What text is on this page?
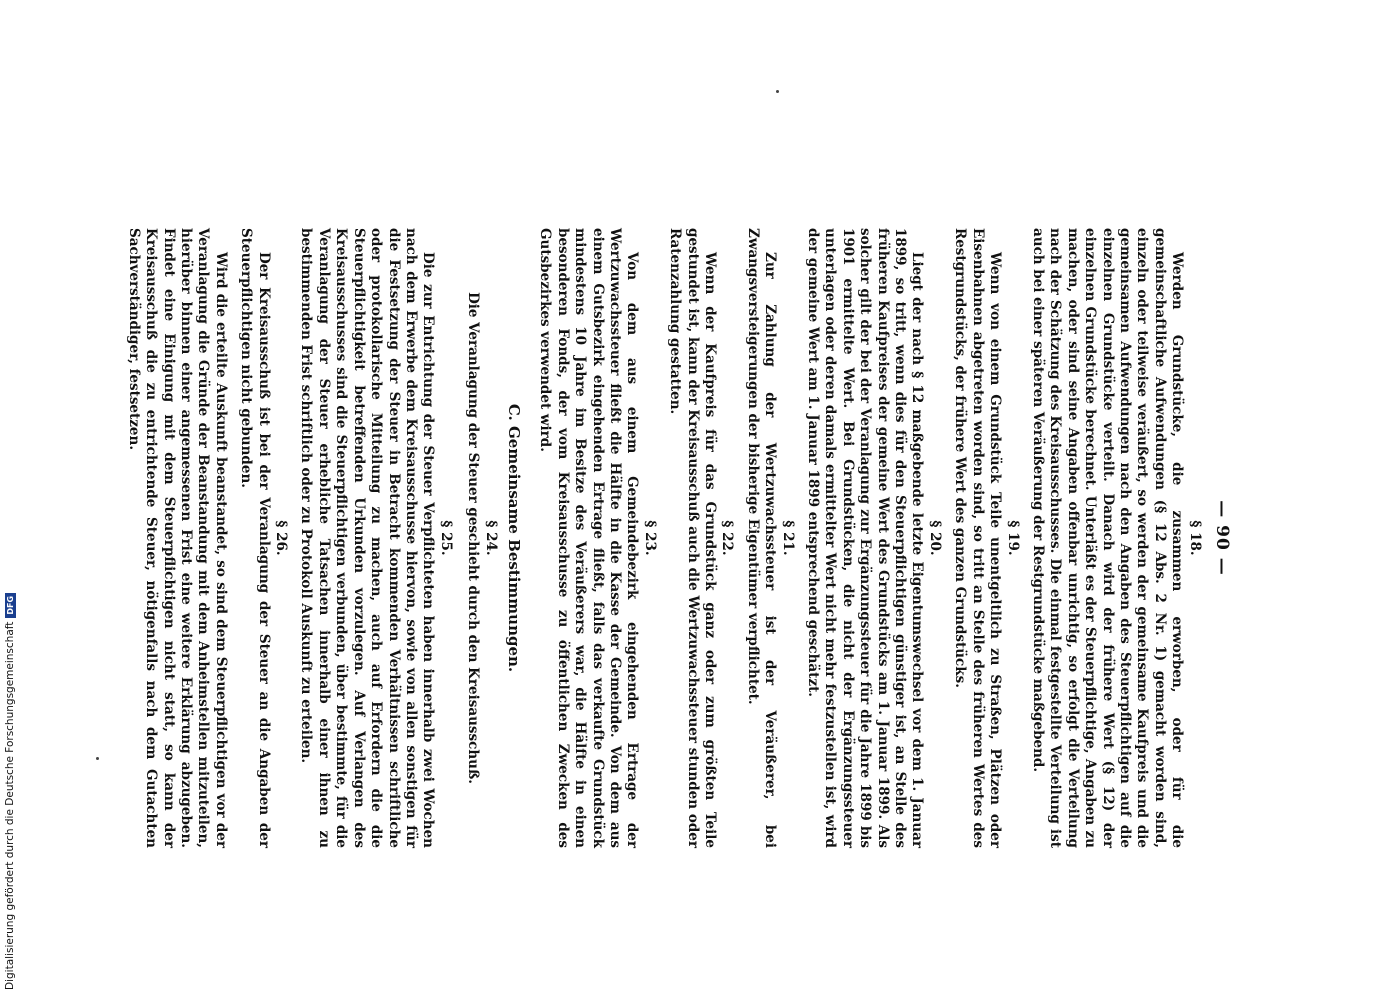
— 90 —
§ 18.

Werden Grundstücke, die zusammen erworben, oder für die gemeinschaftliche Aufwendungen (§ 12 Abs. 2 Nr. 1) gemacht worden sind, einzeln oder teilweise veräußert, so werden der gemeinsame Kaufpreis und die gemeinsamen Aufwendungen nach den Angaben des Steuerpflichtigen auf die einzelnen Grundstücke verteilt. Danach wird der frühere Wert (§ 12) der einzelnen Grundstücke berechnet. Unterläßt es der Steuerpflichtige, Angaben zu machen, oder sind seine Angaben offenbar unrichtig, so erfolgt die Verteilung nach der Schätzung des Kreisausschusses. Die einmal festgestellte Verteilung ist auch bei einer späteren Veräußerung der Restgrundstücke maßgebend.

§ 19.

Wenn von einem Grundstück Teile unentgeltlich zu Straßen, Plätzen oder Eisenbahnen abgetreten worden sind, so tritt an Stelle des früheren Wertes des Restgrundstücks, der frühere Wert des ganzen Grundstücks.

§ 20.

Liegt der nach § 12 maßgebende letzte Eigentumswechsel vor dem 1. Januar 1899, so tritt, wenn dies für den Steuerpflichtigen günstiger ist, an Stelle des früheren Kaufpreises der gemeine Wert des Grundstücks am 1. Januar 1899. Als solcher gilt der bei der Veranlagung zur Ergänzungssteuer für die Jahre 1899 bis 1901 ermittelte Wert. Bei Grundstücken, die nicht der Ergänzungssteuer unterlagen oder deren damals ermittelter Wert nicht mehr festzustellen ist, wird der gemeine Wert am 1. Januar 1899 entsprechend geschätzt.

§ 21.

Zur Zahlung der Wertzuwachssteuer ist der Veräußerer, bei Zwangsversteigerungen der bisherige Eigentümer verpflichtet.

§ 22.

Wenn der Kaufpreis für das Grundstück ganz oder zum größten Teile gestundet ist, kann der Kreisausschuß auch die Wertzuwachssteuer stunden oder Ratenzahlung gestatten.

§ 23.

Von dem aus einem Gemeindebezirk eingehenden Ertrage der Wertzuwachssteuer fließt die Hälfte in die Kasse der Gemeinde. Von dem aus einem Gutsbezirk eingehenden Ertrage fließt, falls das verkaufte Grundstück mindestens 10 Jahre im Besitze des Veräußerers war, die Hälfte in einen besonderen Fonds, der vom Kreisausschusse zu öffentlichen Zwecken des Gutsbezirkes verwendet wird.

C. Gemeinsame Bestimmungen.
§ 24.
Die Veranlagung der Steuer geschieht durch den Kreisausschuß.
§ 25.

Die zur Entrichtung der Steuer Verpflichteten haben innerhalb zwei Wochen nach dem Erwerbe dem Kreisausschusse hiervon, sowie von allen sonstigen für die Festsetzung der Steuer in Betracht kommenden Verhältnissen schriftliche oder protokollarische Mitteilung zu machen, auch auf Erfordern die die Steuerpflichtigkeit betreffenden Urkunden vorzulegen. Auf Verlangen des Kreisausschusses sind die Steuerpflichtigen verbunden, über bestimmte, für die Veranlagung der Steuer erhebliche Tatsachen innerhalb einer ihnen zu bestimmenden Frist schriftlich oder zu Protokoll Auskunft zu erteilen.

§ 26.

Der Kreisausschuß ist bei der Veranlagung der Steuer an die Angaben der Steuerpflichtigen nicht gebunden.

Wird die erteilte Auskunft beanstandet, so sind dem Steuerpflichtigen vor der Veranlagung die Gründe der Beanstandung mit dem Anheimstellen mitzuteilen, hierüber binnen einer angemessenen Frist eine weitere Erklärung abzugeben. Findet eine Einigung mit dem Steuerpflichtigen nicht statt, so kann der Kreisausschuß die zu entrichtende Steuer, nötigenfalls nach dem Gutachten Sachverständiger, festsetzen.

Digitalisierung gefördert durch die Deutsche Forschungsgemeinschaft
DFG
